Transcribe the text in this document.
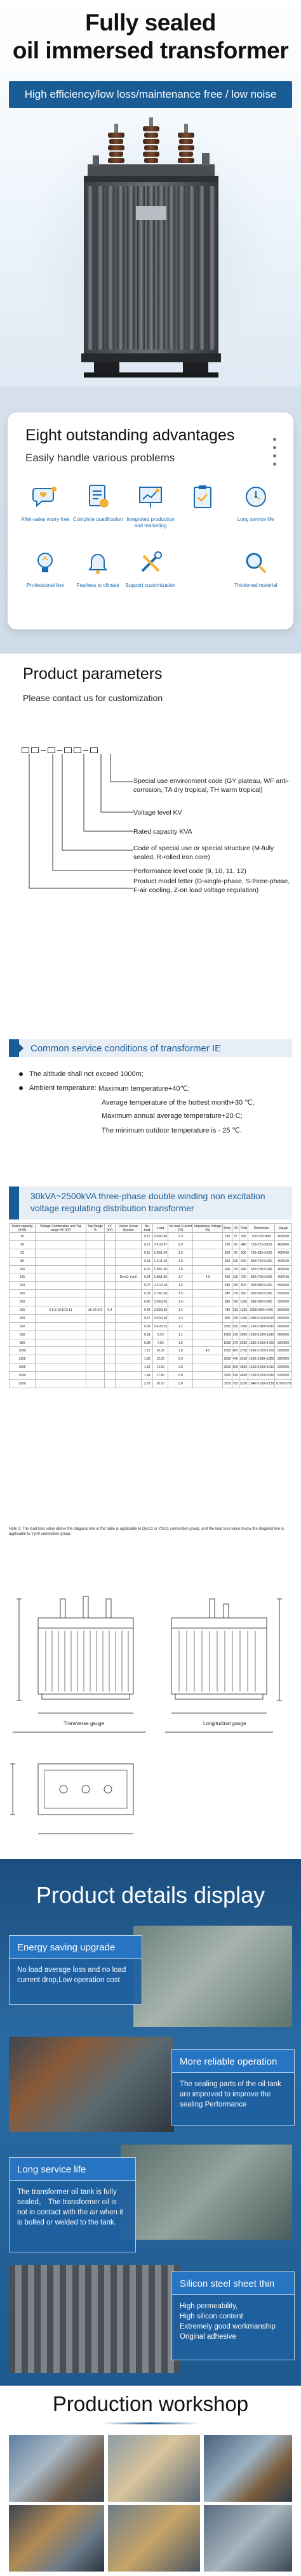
Fully sealed
oil immersed transformer
High efficiency/low loss/maintenance free / low noise
Eight outstanding advantages
Easily handle various problems
After-sales worry-free Complete qualification Integrated production and marketing
Long service life
Professional line	Fearless to climate	Support customization	Thickened material
Product parameters
Please contact us for customization
Special use environment code (GY plateau, WF anti-corrosion, TA dry tropical, TH warm tropical)
Voltage level KV
Rated capacity KVA
Code of special use or special structure (M-fully sealed, R-rolled iron core)
Performance level code (9, 10, 11, 12)
Product model letter (D-single-phase, S-three-phase, F-air cooling, Z-on load voltage regulation)
Common service conditions of transformer IE
The altitude shall not exceed 1000m;
Ambient temperature:
Maximum temperature+40℃;
Average temperature of the hottest month+30 ℃;
Maximum annual average temperature+20 C;
The minimum outdoor temperature is - 25 ℃.
30kVA~2500kVA three-phase double winding non excitation voltage regulating distribution transformer
Rated capacity (kVA)	Voltage Combination and Tap range HV (kV)	Tap Range %	LV (kV)	Vector Group Symbol	No-load	Load	No-load Current (%)	Impedance Voltage (%)	Body	Oil	Total	Dimension	Gauge
30					0.10	0.63/0.60	2.3		160	75	365	700×795×850	400/400
50					0.13	0.91/0.87	2.0		220	80	440	720×715×1120	400/400
63					0.15	1.09/1.04	1.9		260	90	500	750×815×1220	400/400
80					0.18	1.31/1.25	1.9		300	100	575	800×710×1230	400/400
100					0.20	1.58/1.50	1.8		360	115	640	825×735×1245	400/400
125				Dyn11 Yyn0	0.24	1.89/1.80	1.7	4.0	400	130	700	860×760×1295	400/400
160					0.27	2.31/2.20	1.6		480	150	800	900×830×1320	550/550
200					0.33	2.73/2.60	1.5		580	170	950	920×855×1380	550/550
250					0.40	3.20/3.05	1.4		680	190	1100	980×920×1420	550/550
315	6 6.3 10 10.5 11	±5 ±2×2.5	0.4		0.48	3.83/3.65	1.4		780	210	1220	1050×960×1450	550/550
400					0.57	4.52/4.30	1.3		950	235	1450	1090×1010×1520	660/660
500					0.68	5.41/5.15	1.2		1100	250	1650	1130×1080×1600	660/660
630					0.81	6.20	1.1		1420	310	2050	1280×1190×1690	660/660
800					0.98	7.50	1.0		1620	370	2350	1330×1250×1730	820/820
1000					1.15	10.30	1.0	4.5	1950	405	2750	1450×1320×1760	820/820
1250					1.36	12.00	0.9		2200	445	3150	1520×1380×1820	820/820
1600					1.64	14.50	0.8		2600	500	3550	1610×1430×1910	820/820
2000					1.94	17.80	0.8		3300	610	4450	1700×1520×2030	820/820
2500					2.28	20.70	0.8		3750	705	5250	1840×1630×2130	1070/1070
Note 1: The load loss value above the diagonal line in the table is applicable to Dyn11 or Yzn11 connection group, and the load loss value below the diagonal line is applicable to Yyn0 connection group.
Transverse gauge	Longitudinal gauge
Product details display
Energy saving upgrade
No load average loss and no load current drop,Low operation cost
More reliable operation
The sealing parts of the oil tank are improved to improve the sealing Performance
Long service life
The transformer oil tank is fully sealed。 The transformer oil is not in contact with the air when it is bolted or welded to the tank.
Silicon steel sheet thin
High permeability,
High silicon content
Extremely good workmanship
Original adhesive
Production workshop
